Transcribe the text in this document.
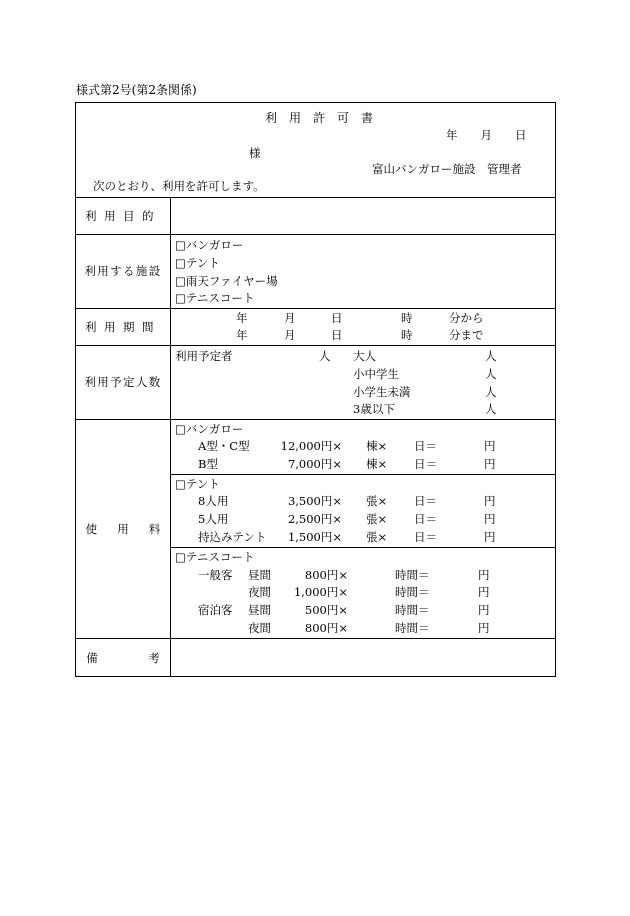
様式第2号(第2条関係)
利　用　許　可　書
年　　月　　日
様
富山バンガロー施設　管理者
次のとおり、利用を許可します。
利用目的
利用する施設
□バンガロー
□テント
□雨天ファイヤー場
□テニスコート
利用期間
年	月	日	時	分から
年	月	日	時	分まで
利用予定人数
利用予定者	人 大人	人
小中学生	人
小学生未満	人
3歳以下	人
使用料
□バンガロー
A型・C型	12,000円× 棟× 日＝	円
B型	7,000円× 棟× 日＝	円
□テント
8人用	3,500円× 張× 日＝	円
5人用	2,500円× 張× 日＝	円
持込みテント	1,500円× 張× 日＝	円
□テニスコート
一般客 昼間	800円×	時間＝	円
夜間	1,000円×	時間＝	円
宿泊客 昼間	500円×	時間＝	円
夜間	800円×	時間＝	円
備考
